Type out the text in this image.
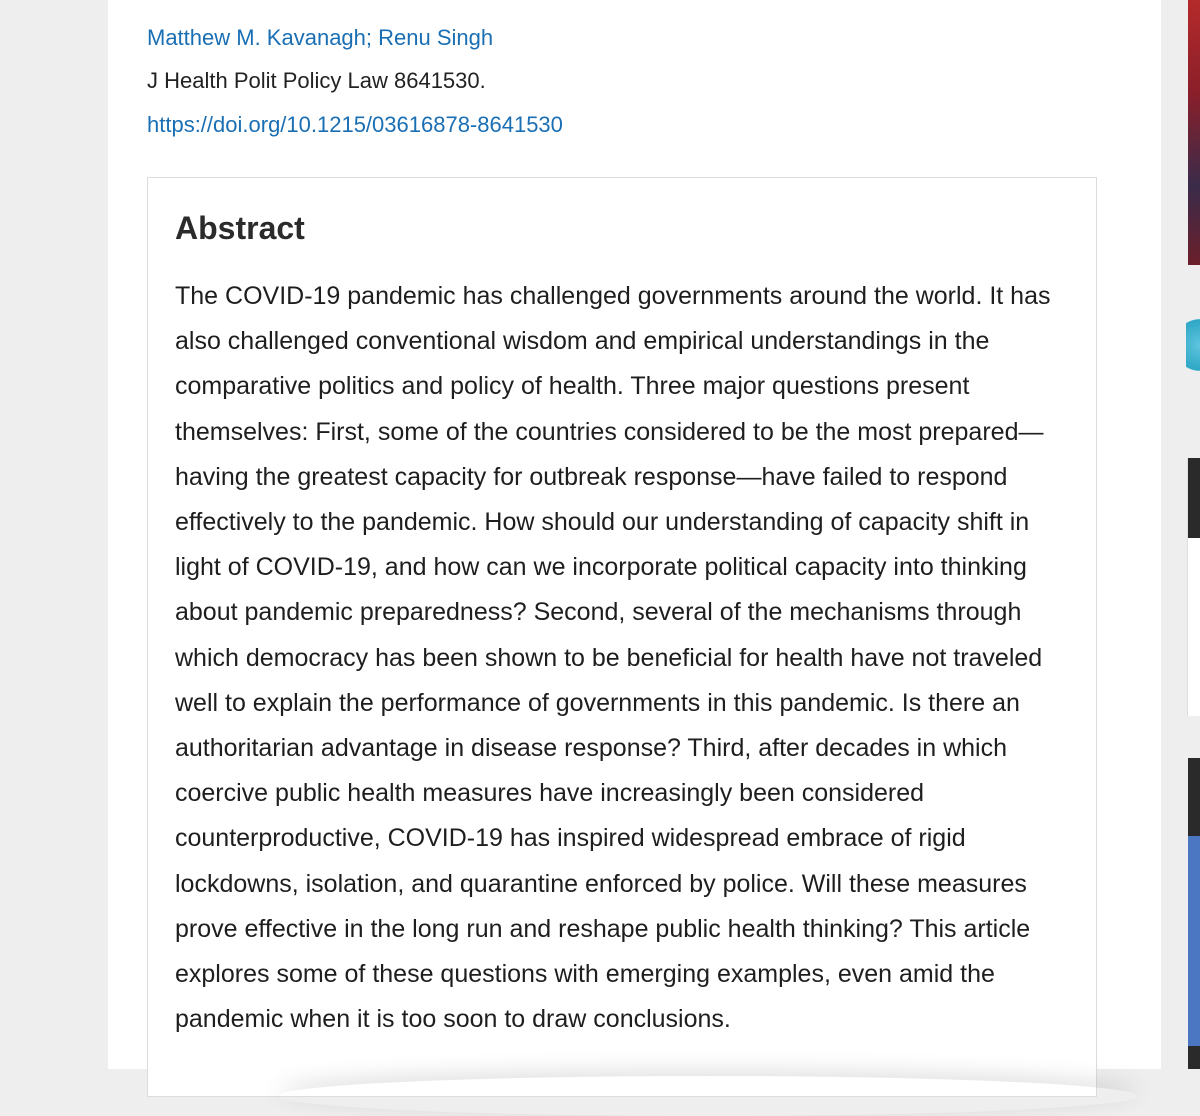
Matthew M. Kavanagh; Renu Singh
J Health Polit Policy Law 8641530.
https://doi.org/10.1215/03616878-8641530
Abstract

The COVID-19 pandemic has challenged governments around the world. It has also challenged conventional wisdom and empirical understandings in the comparative politics and policy of health. Three major questions present themselves: First, some of the countries considered to be the most prepared—having the greatest capacity for outbreak response—have failed to respond effectively to the pandemic. How should our understanding of capacity shift in light of COVID-19, and how can we incorporate political capacity into thinking about pandemic preparedness? Second, several of the mechanisms through which democracy has been shown to be beneficial for health have not traveled well to explain the performance of governments in this pandemic. Is there an authoritarian advantage in disease response? Third, after decades in which coercive public health measures have increasingly been considered counterproductive, COVID-19 has inspired widespread embrace of rigid lockdowns, isolation, and quarantine enforced by police. Will these measures prove effective in the long run and reshape public health thinking? This article explores some of these questions with emerging examples, even amid the pandemic when it is too soon to draw conclusions.
